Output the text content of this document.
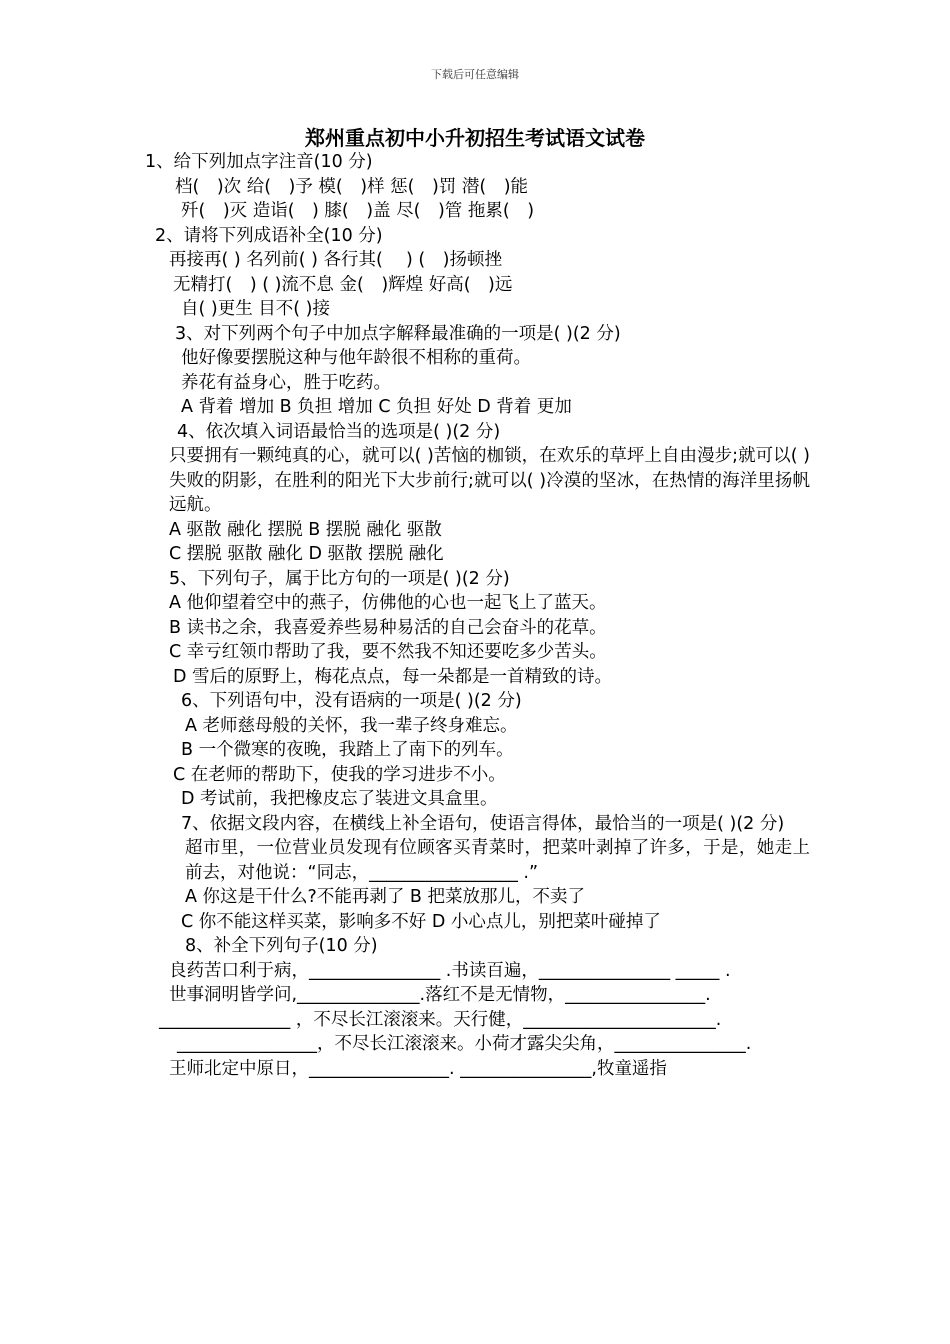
下载后可任意编辑
郑州重点初中小升初招生考试语文试卷

1、给下列加点字注音(10 分)

档(　)次 给(　)予 模(　)样 惩(　)罚 潜(　)能

歼(　)灭 造诣(　) 膝(　)盖 尽(　)管 拖累(　)

2、请将下列成语补全(10 分)

再接再( ) 名列前( ) 各行其(　 ) (　)扬顿挫

无精打(　) ( )流不息 金(　)辉煌 好高(　)远

自( )更生 目不( )接

3、对下列两个句子中加点字解释最准确的一项是( )(2 分)

他好像要摆脱这种与他年龄很不相称的重荷。

养花有益身心，胜于吃药。

A 背着 增加 B 负担 增加 C 负担 好处 D 背着 更加

4、依次填入词语最恰当的选项是( )(2 分)

只要拥有一颗纯真的心，就可以( )苦恼的枷锁，在欢乐的草坪上自由漫步;就可以( )失败的阴影，在胜利的阳光下大步前行;就可以( )冷漠的坚冰，在热情的海洋里扬帆远航。

A 驱散 融化 摆脱 B 摆脱 融化 驱散

C 摆脱 驱散 融化 D 驱散 摆脱 融化

5、下列句子，属于比方句的一项是( )(2 分)

A 他仰望着空中的燕子，仿佛他的心也一起飞上了蓝天。

B 读书之余，我喜爱养些易种易活的自己会奋斗的花草。

C 幸亏红领巾帮助了我，要不然我不知还要吃多少苦头。

D 雪后的原野上，梅花点点，每一朵都是一首精致的诗。

6、下列语句中，没有语病的一项是( )(2 分)

A 老师慈母般的关怀，我一辈子终身难忘。

B 一个微寒的夜晚，我踏上了南下的列车。

C 在老师的帮助下，使我的学习进步不小。

D 考试前，我把橡皮忘了装进文具盒里。

7、依据文段内容，在横线上补全语句，使语言得体，最恰当的一项是( )(2 分)

超市里，一位营业员发现有位顾客买青菜时，把菜叶剥掉了许多，于是，她走上前去，对他说：“同志，_________________ .”

A 你这是干什么?不能再剥了 B 把菜放那儿，不卖了

C 你不能这样买菜，影响多不好 D 小心点儿，别把菜叶碰掉了

8、补全下列句子(10 分)

良药苦口利于病，_______________ .书读百遍，_______________ _____ .

世事洞明皆学问,______________.落红不是无情物，________________.

_______________ ，不尽长江滚滚来。天行健，______________________.

________________，不尽长江滚滚来。小荷才露尖尖角，_______________.

王师北定中原日，________________. _______________,牧童遥指
